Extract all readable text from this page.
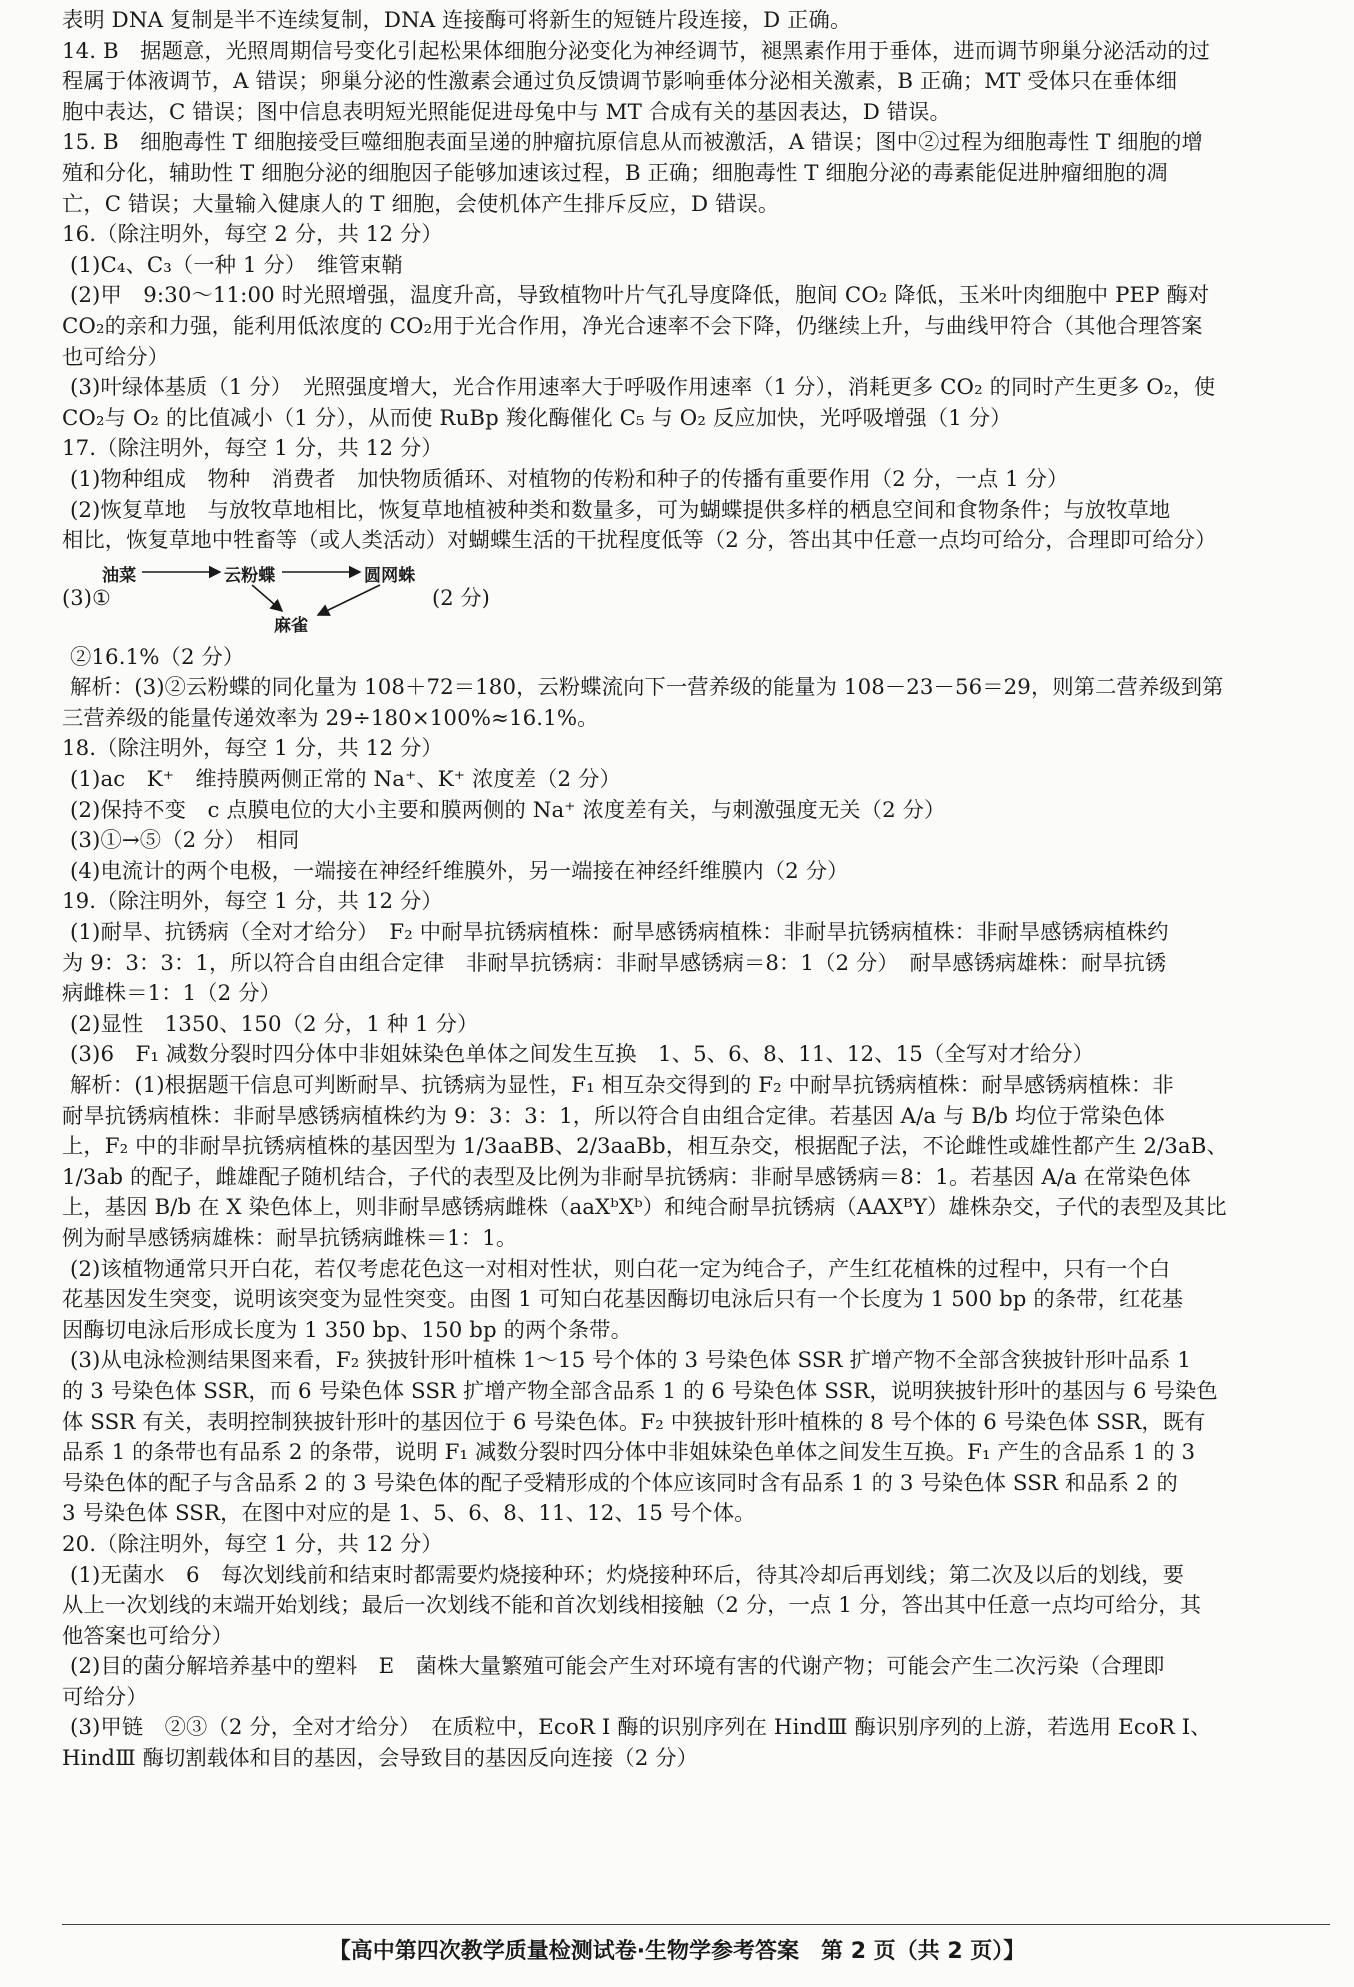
表明 DNA 复制是半不连续复制，DNA 连接酶可将新生的短链片段连接，D 正确。
14. B　据题意，光照周期信号变化引起松果体细胞分泌变化为神经调节，褪黑素作用于垂体，进而调节卵巢分泌活动的过
程属于体液调节，A 错误；卵巢分泌的性激素会通过负反馈调节影响垂体分泌相关激素，B 正确；MT 受体只在垂体细
胞中表达，C 错误；图中信息表明短光照能促进母兔中与 MT 合成有关的基因表达，D 错误。
15. B　细胞毒性 T 细胞接受巨噬细胞表面呈递的肿瘤抗原信息从而被激活，A 错误；图中②过程为细胞毒性 T 细胞的增
殖和分化，辅助性 T 细胞分泌的细胞因子能够加速该过程，B 正确；细胞毒性 T 细胞分泌的毒素能促进肿瘤细胞的凋
亡，C 错误；大量输入健康人的 T 细胞，会使机体产生排斥反应，D 错误。
16.（除注明外，每空 2 分，共 12 分）
(1)C₄、C₃（一种 1 分）　维管束鞘
(2)甲　9:30～11:00 时光照增强，温度升高，导致植物叶片气孔导度降低，胞间 CO₂ 降低，玉米叶肉细胞中 PEP 酶对
CO₂的亲和力强，能利用低浓度的 CO₂用于光合作用，净光合速率不会下降，仍继续上升，与曲线甲符合（其他合理答案
也可给分）
(3)叶绿体基质（1 分）　光照强度增大，光合作用速率大于呼吸作用速率（1 分），消耗更多 CO₂ 的同时产生更多 O₂，使
CO₂与 O₂ 的比值减小（1 分），从而使 RuBp 羧化酶催化 C₅ 与 O₂ 反应加快，光呼吸增强（1 分）
17.（除注明外，每空 1 分，共 12 分）
(1)物种组成　物种　消费者　加快物质循环、对植物的传粉和种子的传播有重要作用（2 分，一点 1 分）
(2)恢复草地　与放牧草地相比，恢复草地植被种类和数量多，可为蝴蝶提供多样的栖息空间和食物条件；与放牧草地
相比，恢复草地中牲畜等（或人类活动）对蝴蝶生活的干扰程度低等（2 分，答出其中任意一点均可给分，合理即可给分）
(3)①
油菜	云粉蝶	圆网蛛
麻雀
(2 分)
②16.1%（2 分）
解析：(3)②云粉蝶的同化量为 108＋72＝180，云粉蝶流向下一营养级的能量为 108－23－56＝29，则第二营养级到第
三营养级的能量传递效率为 29÷180×100%≈16.1%。
18.（除注明外，每空 1 分，共 12 分）
(1)ac　K⁺　维持膜两侧正常的 Na⁺、K⁺ 浓度差（2 分）
(2)保持不变　c 点膜电位的大小主要和膜两侧的 Na⁺ 浓度差有关，与刺激强度无关（2 分）
(3)①→⑤（2 分）　相同
(4)电流计的两个电极，一端接在神经纤维膜外，另一端接在神经纤维膜内（2 分）
19.（除注明外，每空 1 分，共 12 分）
(1)耐旱、抗锈病（全对才给分）　F₂ 中耐旱抗锈病植株：耐旱感锈病植株：非耐旱抗锈病植株：非耐旱感锈病植株约
为 9：3：3：1，所以符合自由组合定律　非耐旱抗锈病：非耐旱感锈病＝8：1（2 分）　耐旱感锈病雄株：耐旱抗锈
病雌株＝1：1（2 分）
(2)显性　1350、150（2 分，1 种 1 分）
(3)6　F₁ 减数分裂时四分体中非姐妹染色单体之间发生互换　1、5、6、8、11、12、15（全写对才给分）
解析：(1)根据题干信息可判断耐旱、抗锈病为显性，F₁ 相互杂交得到的 F₂ 中耐旱抗锈病植株：耐旱感锈病植株：非
耐旱抗锈病植株：非耐旱感锈病植株约为 9：3：3：1，所以符合自由组合定律。若基因 A/a 与 B/b 均位于常染色体
上，F₂ 中的非耐旱抗锈病植株的基因型为 1/3aaBB、2/3aaBb，相互杂交，根据配子法，不论雌性或雄性都产生 2/3aB、
1/3ab 的配子，雌雄配子随机结合，子代的表型及比例为非耐旱抗锈病：非耐旱感锈病＝8：1。若基因 A/a 在常染色体
上，基因 B/b 在 X 染色体上，则非耐旱感锈病雌株（aaXᵇXᵇ）和纯合耐旱抗锈病（AAXᴮY）雄株杂交，子代的表型及其比
例为耐旱感锈病雄株：耐旱抗锈病雌株＝1：1。
(2)该植物通常只开白花，若仅考虑花色这一对相对性状，则白花一定为纯合子，产生红花植株的过程中，只有一个白
花基因发生突变，说明该突变为显性突变。由图 1 可知白花基因酶切电泳后只有一个长度为 1 500 bp 的条带，红花基
因酶切电泳后形成长度为 1 350 bp、150 bp 的两个条带。
(3)从电泳检测结果图来看，F₂ 狭披针形叶植株 1～15 号个体的 3 号染色体 SSR 扩增产物不全部含狭披针形叶品系 1
的 3 号染色体 SSR，而 6 号染色体 SSR 扩增产物全部含品系 1 的 6 号染色体 SSR，说明狭披针形叶的基因与 6 号染色
体 SSR 有关，表明控制狭披针形叶的基因位于 6 号染色体。F₂ 中狭披针形叶植株的 8 号个体的 6 号染色体 SSR，既有
品系 1 的条带也有品系 2 的条带，说明 F₁ 减数分裂时四分体中非姐妹染色单体之间发生互换。F₁ 产生的含品系 1 的 3
号染色体的配子与含品系 2 的 3 号染色体的配子受精形成的个体应该同时含有品系 1 的 3 号染色体 SSR 和品系 2 的
3 号染色体 SSR，在图中对应的是 1、5、6、8、11、12、15 号个体。
20.（除注明外，每空 1 分，共 12 分）
(1)无菌水　6　每次划线前和结束时都需要灼烧接种环；灼烧接种环后，待其冷却后再划线；第二次及以后的划线，要
从上一次划线的末端开始划线；最后一次划线不能和首次划线相接触（2 分，一点 1 分，答出其中任意一点均可给分，其
他答案也可给分）
(2)目的菌分解培养基中的塑料　E　菌株大量繁殖可能会产生对环境有害的代谢产物；可能会产生二次污染（合理即
可给分）
(3)甲链　②③（2 分，全对才给分）　在质粒中，EcoR Ⅰ 酶的识别序列在 HindⅢ 酶识别序列的上游，若选用 EcoR Ⅰ、
HindⅢ 酶切割载体和目的基因，会导致目的基因反向连接（2 分）
【高中第四次教学质量检测试卷·生物学参考答案　第 2 页（共 2 页）】
